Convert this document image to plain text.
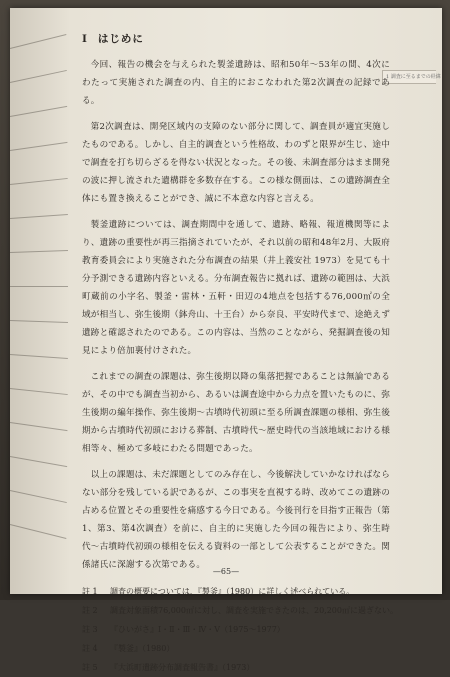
1 調査に至るまでの経緯
Ⅰ はじめに

今回、報告の機会を与えられた製釜遺跡は、昭和50年〜53年の間、4次にわたって実施された調査の内、自主的におこなわれた第2次調査の記録である。

第2次調査は、開発区域内の支障のない部分に関して、調査員が適宜実施したものである。しかし、自主的調査という性格故、わのずと限界が生じ、途中で調査を打ち切らざるを得ない状況となった。その後、未調査部分はまま開発の波に押し流された遺構群を多数存在する。この様な側面は、この遺跡調査全体にも置き換えることができ、誠に不本意な内容と言える。

製釜遺跡については、調査期間中を通して、遺跡、略報、報道機関等により、遺跡の重要性が再三指摘されていたが、それ以前の昭和48年2月、大阪府教育委員会により実施された分布調査の結果（井上義安社 1973）を見ても十分予測できる遺跡内容といえる。分布調査報告に拠れば、遺跡の範囲は、大浜町蔵前の小字名、製釜・雷林・五軒・田辺の4地点を包括する76,000㎡の全域が相当し、弥生後期（鉢舟山、十王台）から奈良、平安時代まで、途絶えず遺跡と確認されたのである。この内容は、当然のことながら、発掘調査後の知見により倍加裏付けされた。

これまでの調査の課題は、弥生後期以降の集落把握であることは無論であるが、その中でも調査当初から、あるいは調査途中から力点を置いたものに、弥生後期の編年操作、弥生後期〜古墳時代初頭に至る所調査課題の様相、弥生後期から古墳時代初頭における葬制、古墳時代〜歴史時代の当該地域における様相等々、極めて多岐にわたる問題であった。

以上の課題は、未だ課題としてのみ存在し、今後解決していかなければならない部分を残している訳であるが、この事実を直視する時、改めてこの遺跡の占める位置とその重要性を痛感する今日である。今後刊行を目指す正報告（第1、第3、第4次調査）を前に、自主的に実施した今回の報告により、弥生時代〜古墳時代初頭の様相を伝える資料の一部として公表することができた。関係諸氏に深謝する次第である。

註 1 調査の概要については、『製釜』（1980）に詳しく述べられている。
註 2 調査対象面積76,000㎡に対し、調査を実施できたのは、20,200㎡に過ぎない。
註 3 『ひいがさ』Ⅰ・Ⅱ・Ⅲ・Ⅳ・Ⅴ（1975〜1977）
註 4 『製釜』（1980）
註 5 『大浜町遺跡分布調査報告書』（1973）
—65—
